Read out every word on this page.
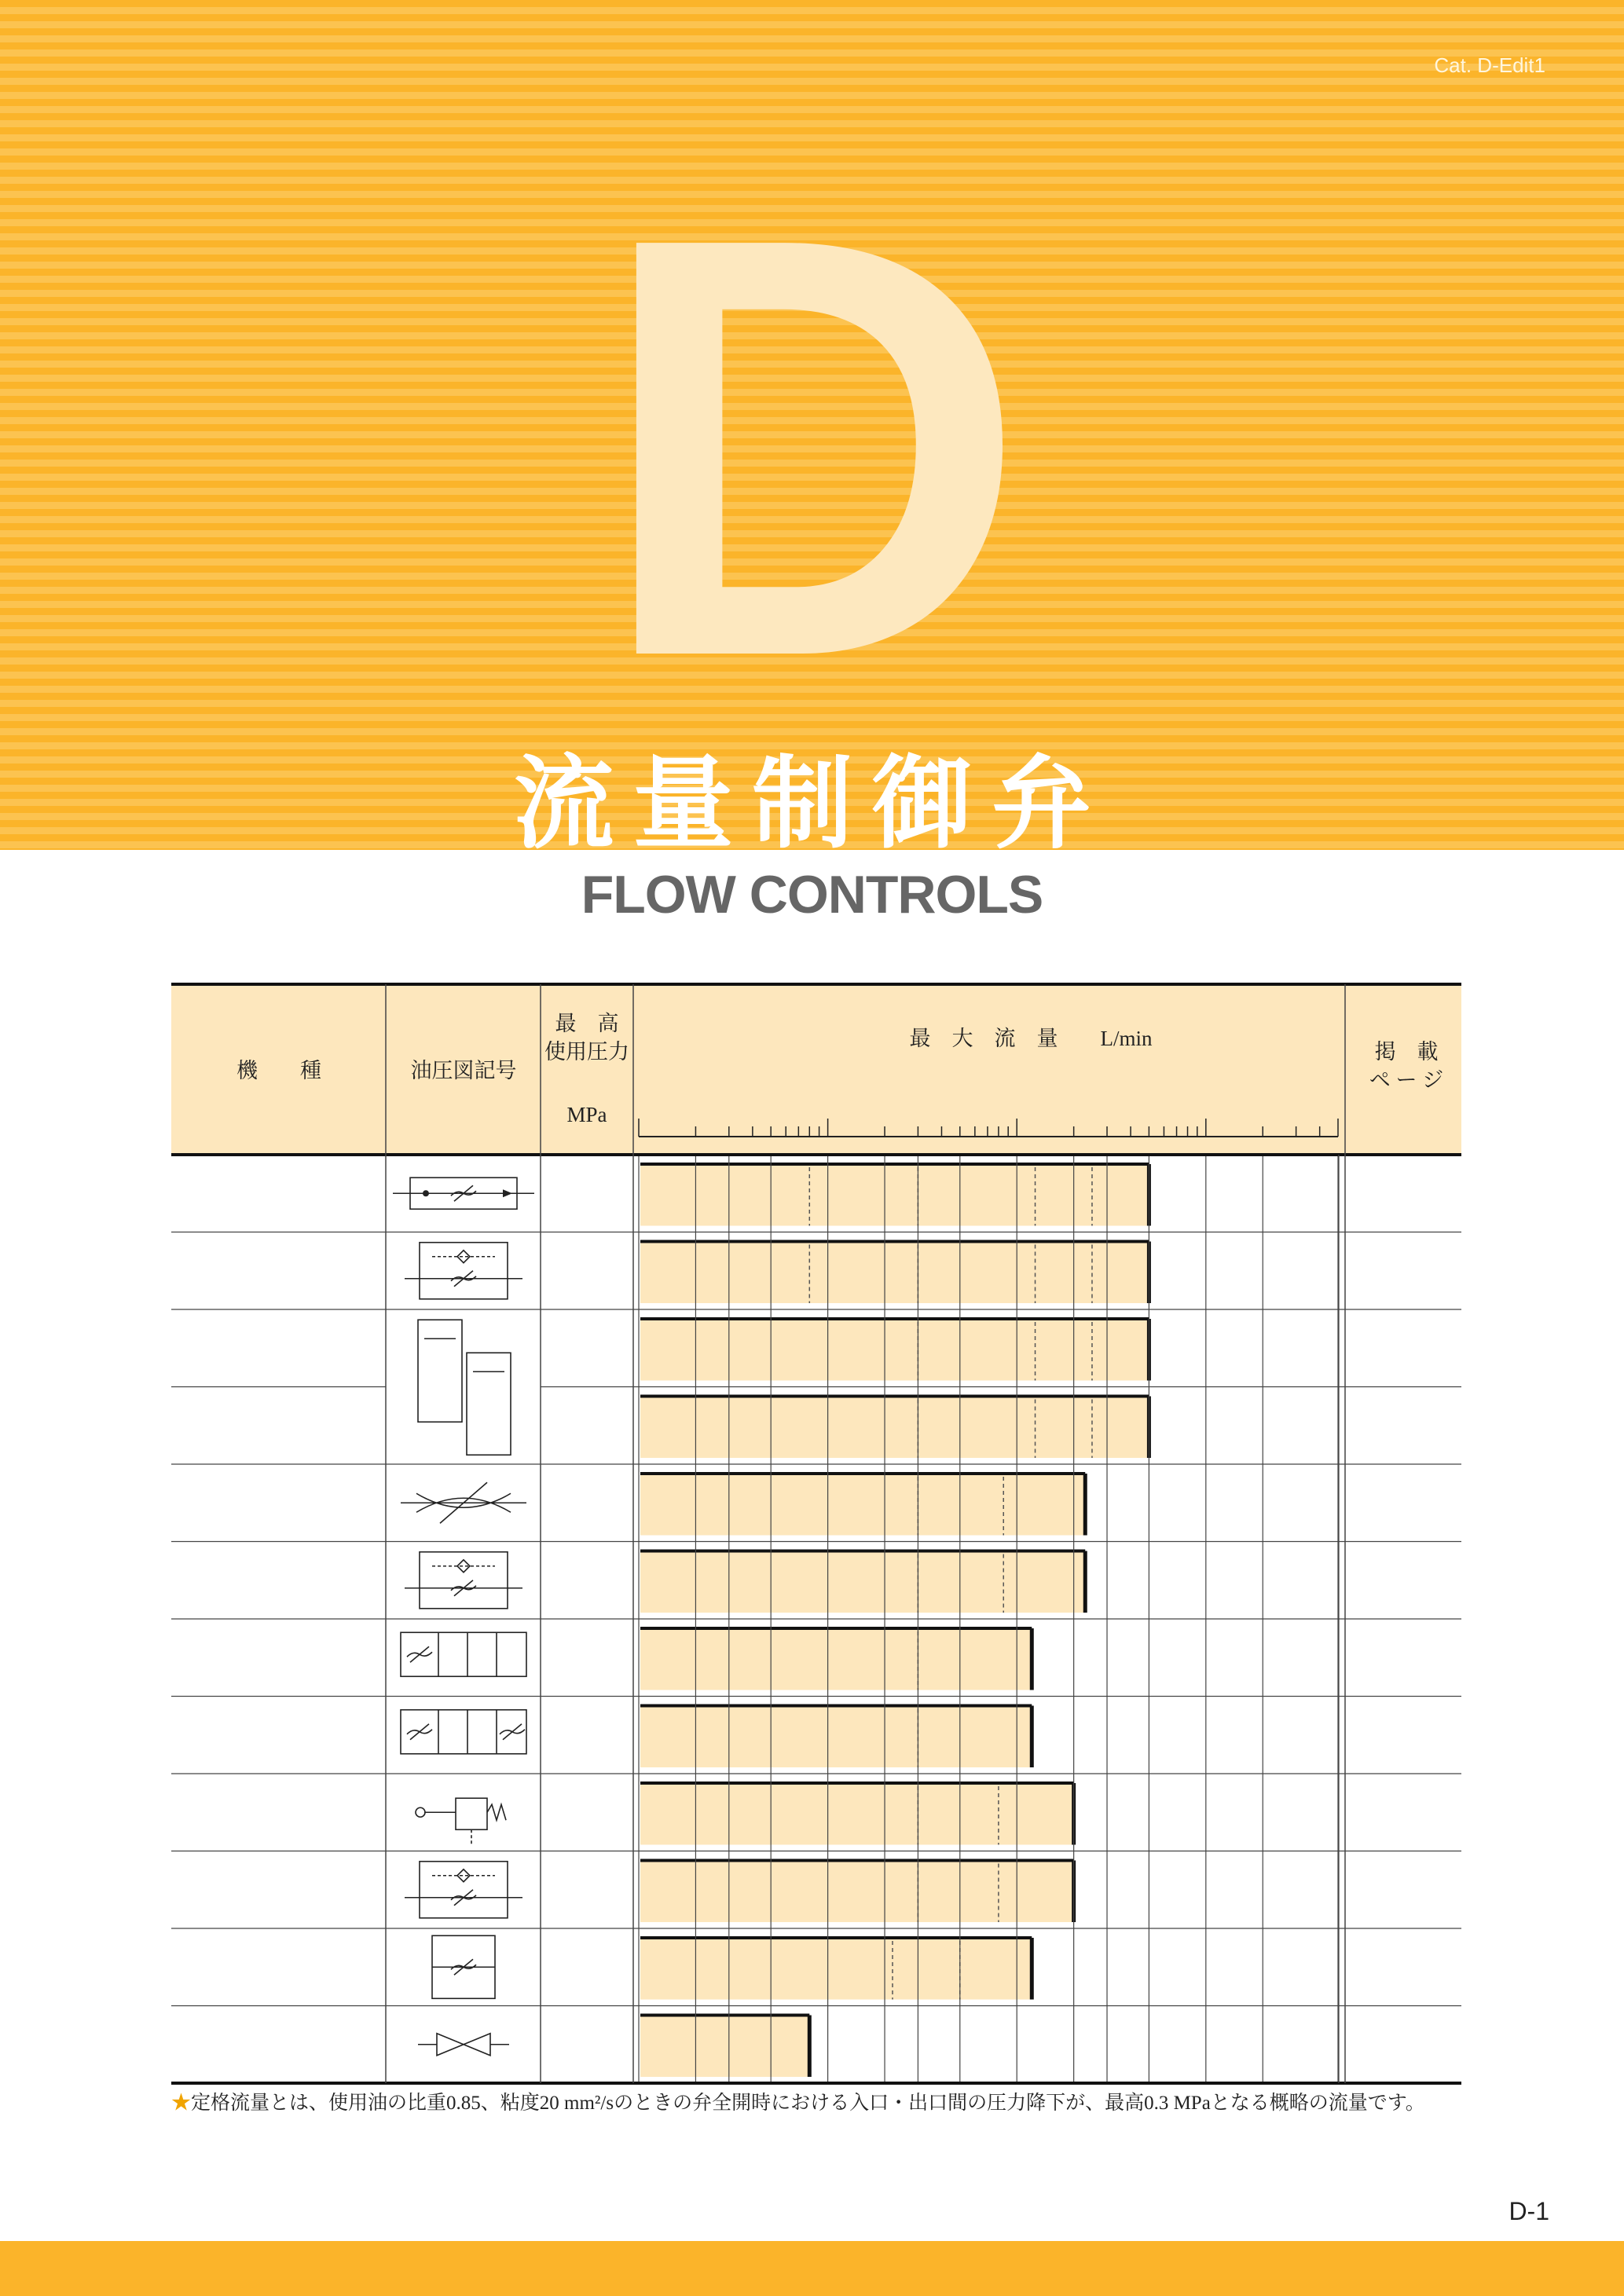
Cat. D-Edit1
D
流量制御弁
FLOW CONTROLS
機　　種	油圧図記号
最　高
使用圧力
MPa
最　大　流　量　　L/min
掲　載
ペ ー ジ
★定格流量とは、使用油の比重0.85、粘度20 mm²/sのときの弁全開時における入口・出口間の圧力降下が、最高0.3 MPaとなる概略の流量です。
D-1
